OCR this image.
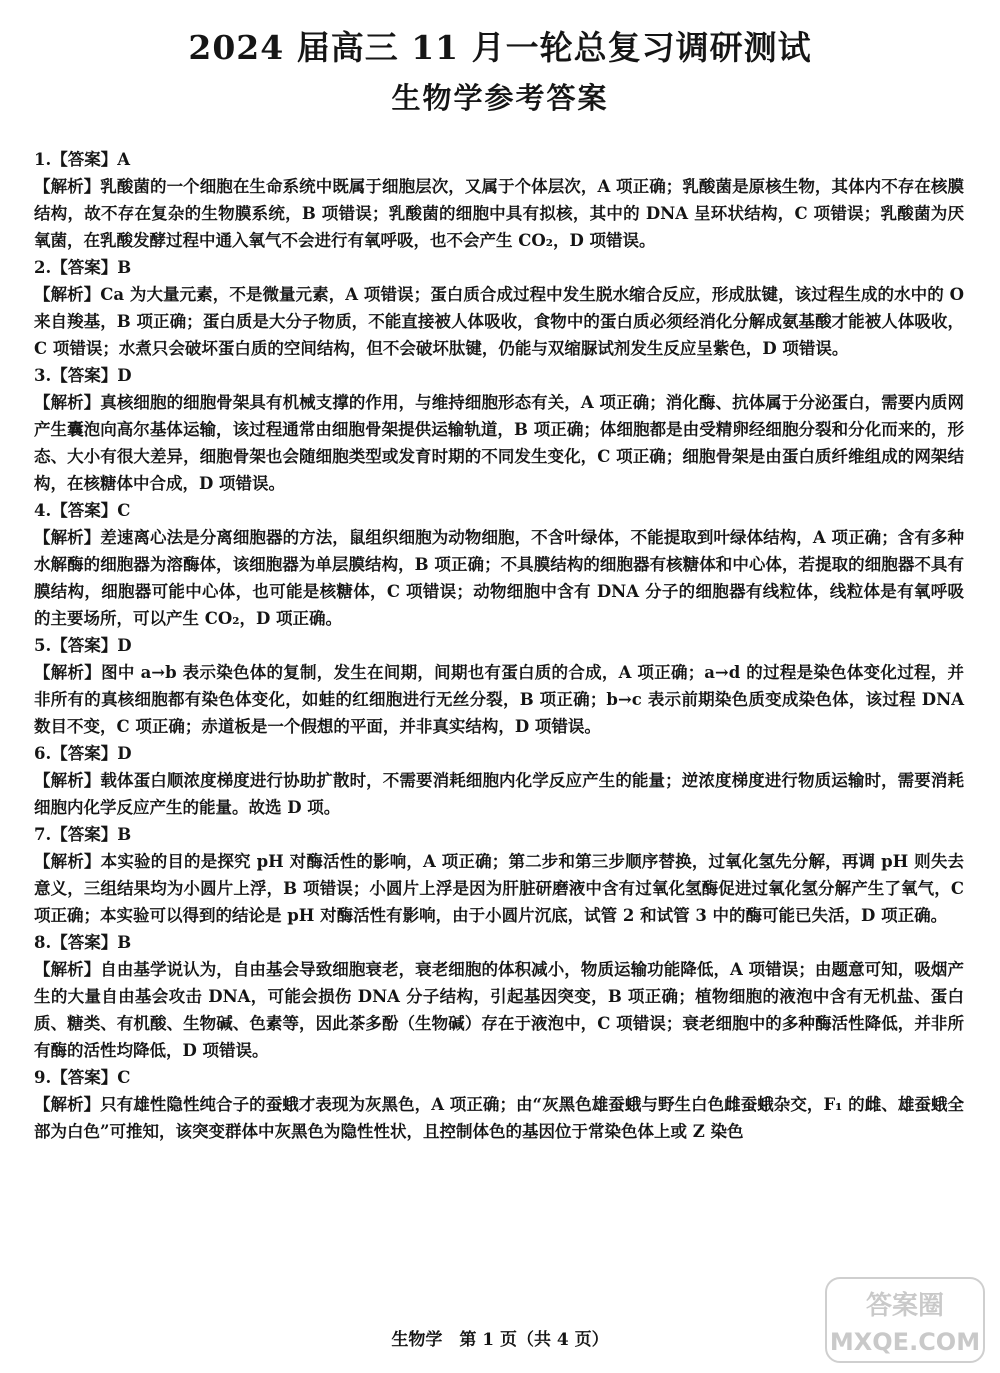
2024 届高三 11 月一轮总复习调研测试
生物学参考答案
1.【答案】A

【解析】乳酸菌的一个细胞在生命系统中既属于细胞层次，又属于个体层次，A 项正确；乳酸菌是原核生物，其体内不存在核膜结构，故不存在复杂的生物膜系统，B 项错误；乳酸菌的细胞中具有拟核，其中的 DNA 呈环状结构，C 项错误；乳酸菌为厌氧菌，在乳酸发酵过程中通入氧气不会进行有氧呼吸，也不会产生 CO₂，D 项错误。

2.【答案】B

【解析】Ca 为大量元素，不是微量元素，A 项错误；蛋白质合成过程中发生脱水缩合反应，形成肽键，该过程生成的水中的 O 来自羧基，B 项正确；蛋白质是大分子物质，不能直接被人体吸收，食物中的蛋白质必须经消化分解成氨基酸才能被人体吸收，C 项错误；水煮只会破坏蛋白质的空间结构，但不会破坏肽键，仍能与双缩脲试剂发生反应呈紫色，D 项错误。

3.【答案】D

【解析】真核细胞的细胞骨架具有机械支撑的作用，与维持细胞形态有关，A 项正确；消化酶、抗体属于分泌蛋白，需要内质网产生囊泡向高尔基体运输，该过程通常由细胞骨架提供运输轨道，B 项正确；体细胞都是由受精卵经细胞分裂和分化而来的，形态、大小有很大差异，细胞骨架也会随细胞类型或发育时期的不同发生变化，C 项正确；细胞骨架是由蛋白质纤维组成的网架结构，在核糖体中合成，D 项错误。

4.【答案】C

【解析】差速离心法是分离细胞器的方法，鼠组织细胞为动物细胞，不含叶绿体，不能提取到叶绿体结构，A 项正确；含有多种水解酶的细胞器为溶酶体，该细胞器为单层膜结构，B 项正确；不具膜结构的细胞器有核糖体和中心体，若提取的细胞器不具有膜结构，细胞器可能中心体，也可能是核糖体，C 项错误；动物细胞中含有 DNA 分子的细胞器有线粒体，线粒体是有氧呼吸的主要场所，可以产生 CO₂，D 项正确。

5.【答案】D

【解析】图中 a→b 表示染色体的复制，发生在间期，间期也有蛋白质的合成，A 项正确；a→d 的过程是染色体变化过程，并非所有的真核细胞都有染色体变化，如蛙的红细胞进行无丝分裂，B 项正确；b→c 表示前期染色质变成染色体，该过程 DNA 数目不变，C 项正确；赤道板是一个假想的平面，并非真实结构，D 项错误。

6.【答案】D

【解析】载体蛋白顺浓度梯度进行协助扩散时，不需要消耗细胞内化学反应产生的能量；逆浓度梯度进行物质运输时，需要消耗细胞内化学反应产生的能量。故选 D 项。

7.【答案】B

【解析】本实验的目的是探究 pH 对酶活性的影响，A 项正确；第二步和第三步顺序替换，过氧化氢先分解，再调 pH 则失去意义，三组结果均为小圆片上浮，B 项错误；小圆片上浮是因为肝脏研磨液中含有过氧化氢酶促进过氧化氢分解产生了氧气，C 项正确；本实验可以得到的结论是 pH 对酶活性有影响，由于小圆片沉底，试管 2 和试管 3 中的酶可能已失活，D 项正确。

8.【答案】B

【解析】自由基学说认为，自由基会导致细胞衰老，衰老细胞的体积减小，物质运输功能降低，A 项错误；由题意可知，吸烟产生的大量自由基会攻击 DNA，可能会损伤 DNA 分子结构，引起基因突变，B 项正确；植物细胞的液泡中含有无机盐、蛋白质、糖类、有机酸、生物碱、色素等，因此茶多酚（生物碱）存在于液泡中，C 项错误；衰老细胞中的多种酶活性降低，并非所有酶的活性均降低，D 项错误。

9.【答案】C

【解析】只有雄性隐性纯合子的蚕蛾才表现为灰黑色，A 项正确；由“灰黑色雄蚕蛾与野生白色雌蚕蛾杂交，F₁ 的雌、雄蚕蛾全部为白色”可推知，该突变群体中灰黑色为隐性性状，且控制体色的基因位于常染色体上或 Z 染色

生物学　第 1 页（共 4 页）
答案圈
MXQE.COM
